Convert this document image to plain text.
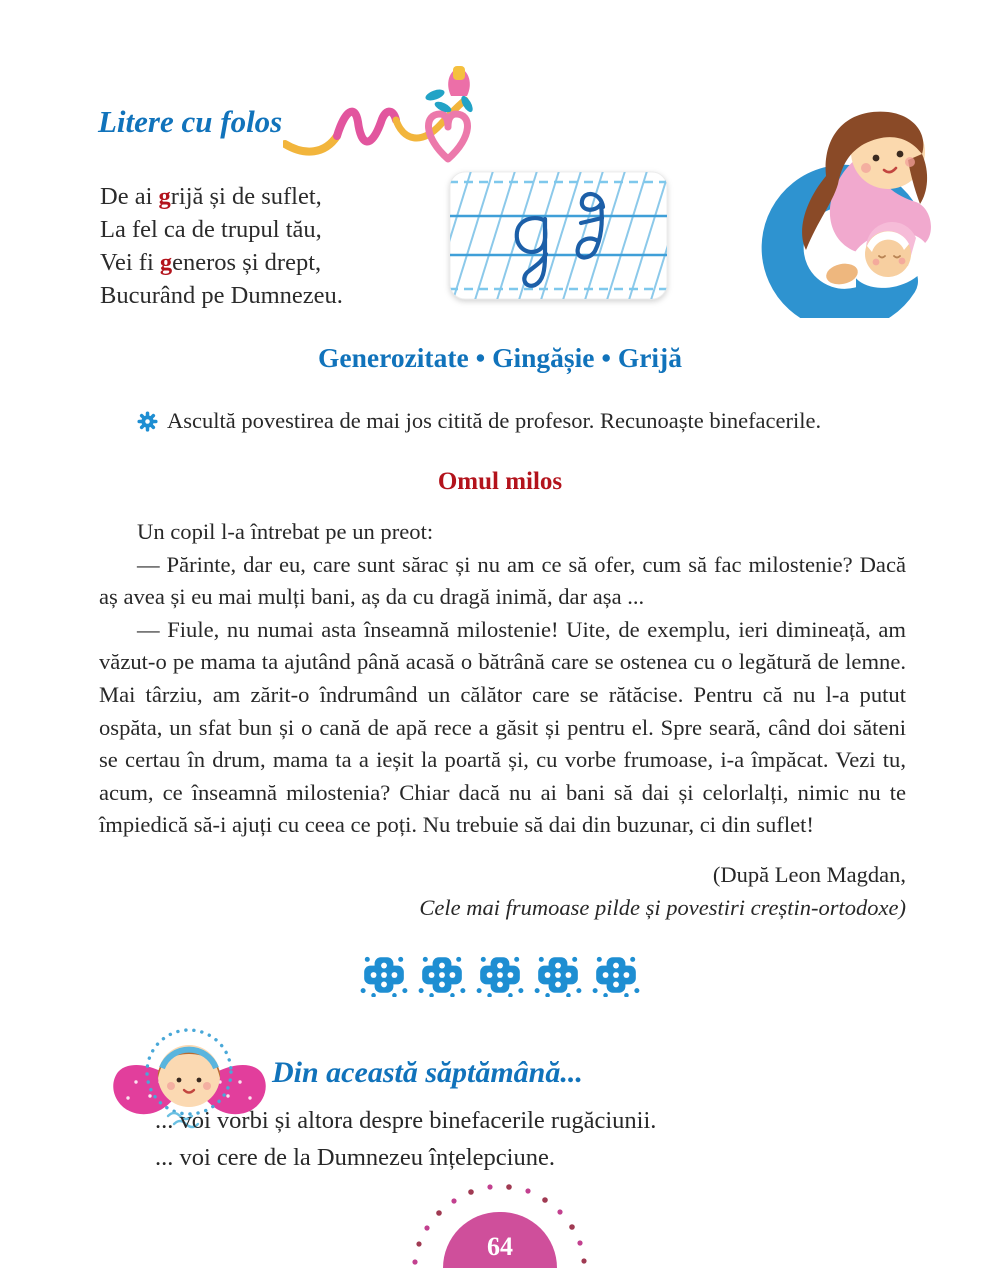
Litere cu folos
De ai grijă și de suflet,
La fel ca de trupul tău,
Vei fi generos și drept,
Bucurând pe Dumnezeu.
Generozitate • Gingășie • Grijă
Ascultă povestirea de mai jos citită de profesor. Recunoaște binefacerile.
Omul milos

Un copil l-a întrebat pe un preot:

— Părinte, dar eu, care sunt sărac și nu am ce să ofer, cum să fac milostenie? Dacă aș avea și eu mai mulți bani, aș da cu dragă inimă, dar așa ...

— Fiule, nu numai asta înseamnă milostenie! Uite, de exemplu, ieri dimineață, am văzut-o pe mama ta ajutând până acasă o bătrână care se ostenea cu o legătură de lemne. Mai târziu, am zărit-o îndrumând un călător care se rătăcise. Pentru că nu l-a putut ospăta, un sfat bun și o cană de apă rece a găsit și pentru el. Spre seară, când doi săteni se certau în drum, mama ta a ieșit la poartă și, cu vorbe frumoase, i-a împăcat. Vezi tu, acum, ce înseamnă milostenia? Chiar dacă nu ai bani să dai și celorlalți, nimic nu te împiedică să-i ajuți cu ceea ce poți. Nu trebuie să dai din buzunar, ci din suflet!

(După Leon Magdan,
Cele mai frumoase pilde și povestiri creștin-ortodoxe)
Din această săptămână...
... voi vorbi și altora despre binefacerile rugăciunii.
... voi cere de la Dumnezeu înțelepciune.
64
